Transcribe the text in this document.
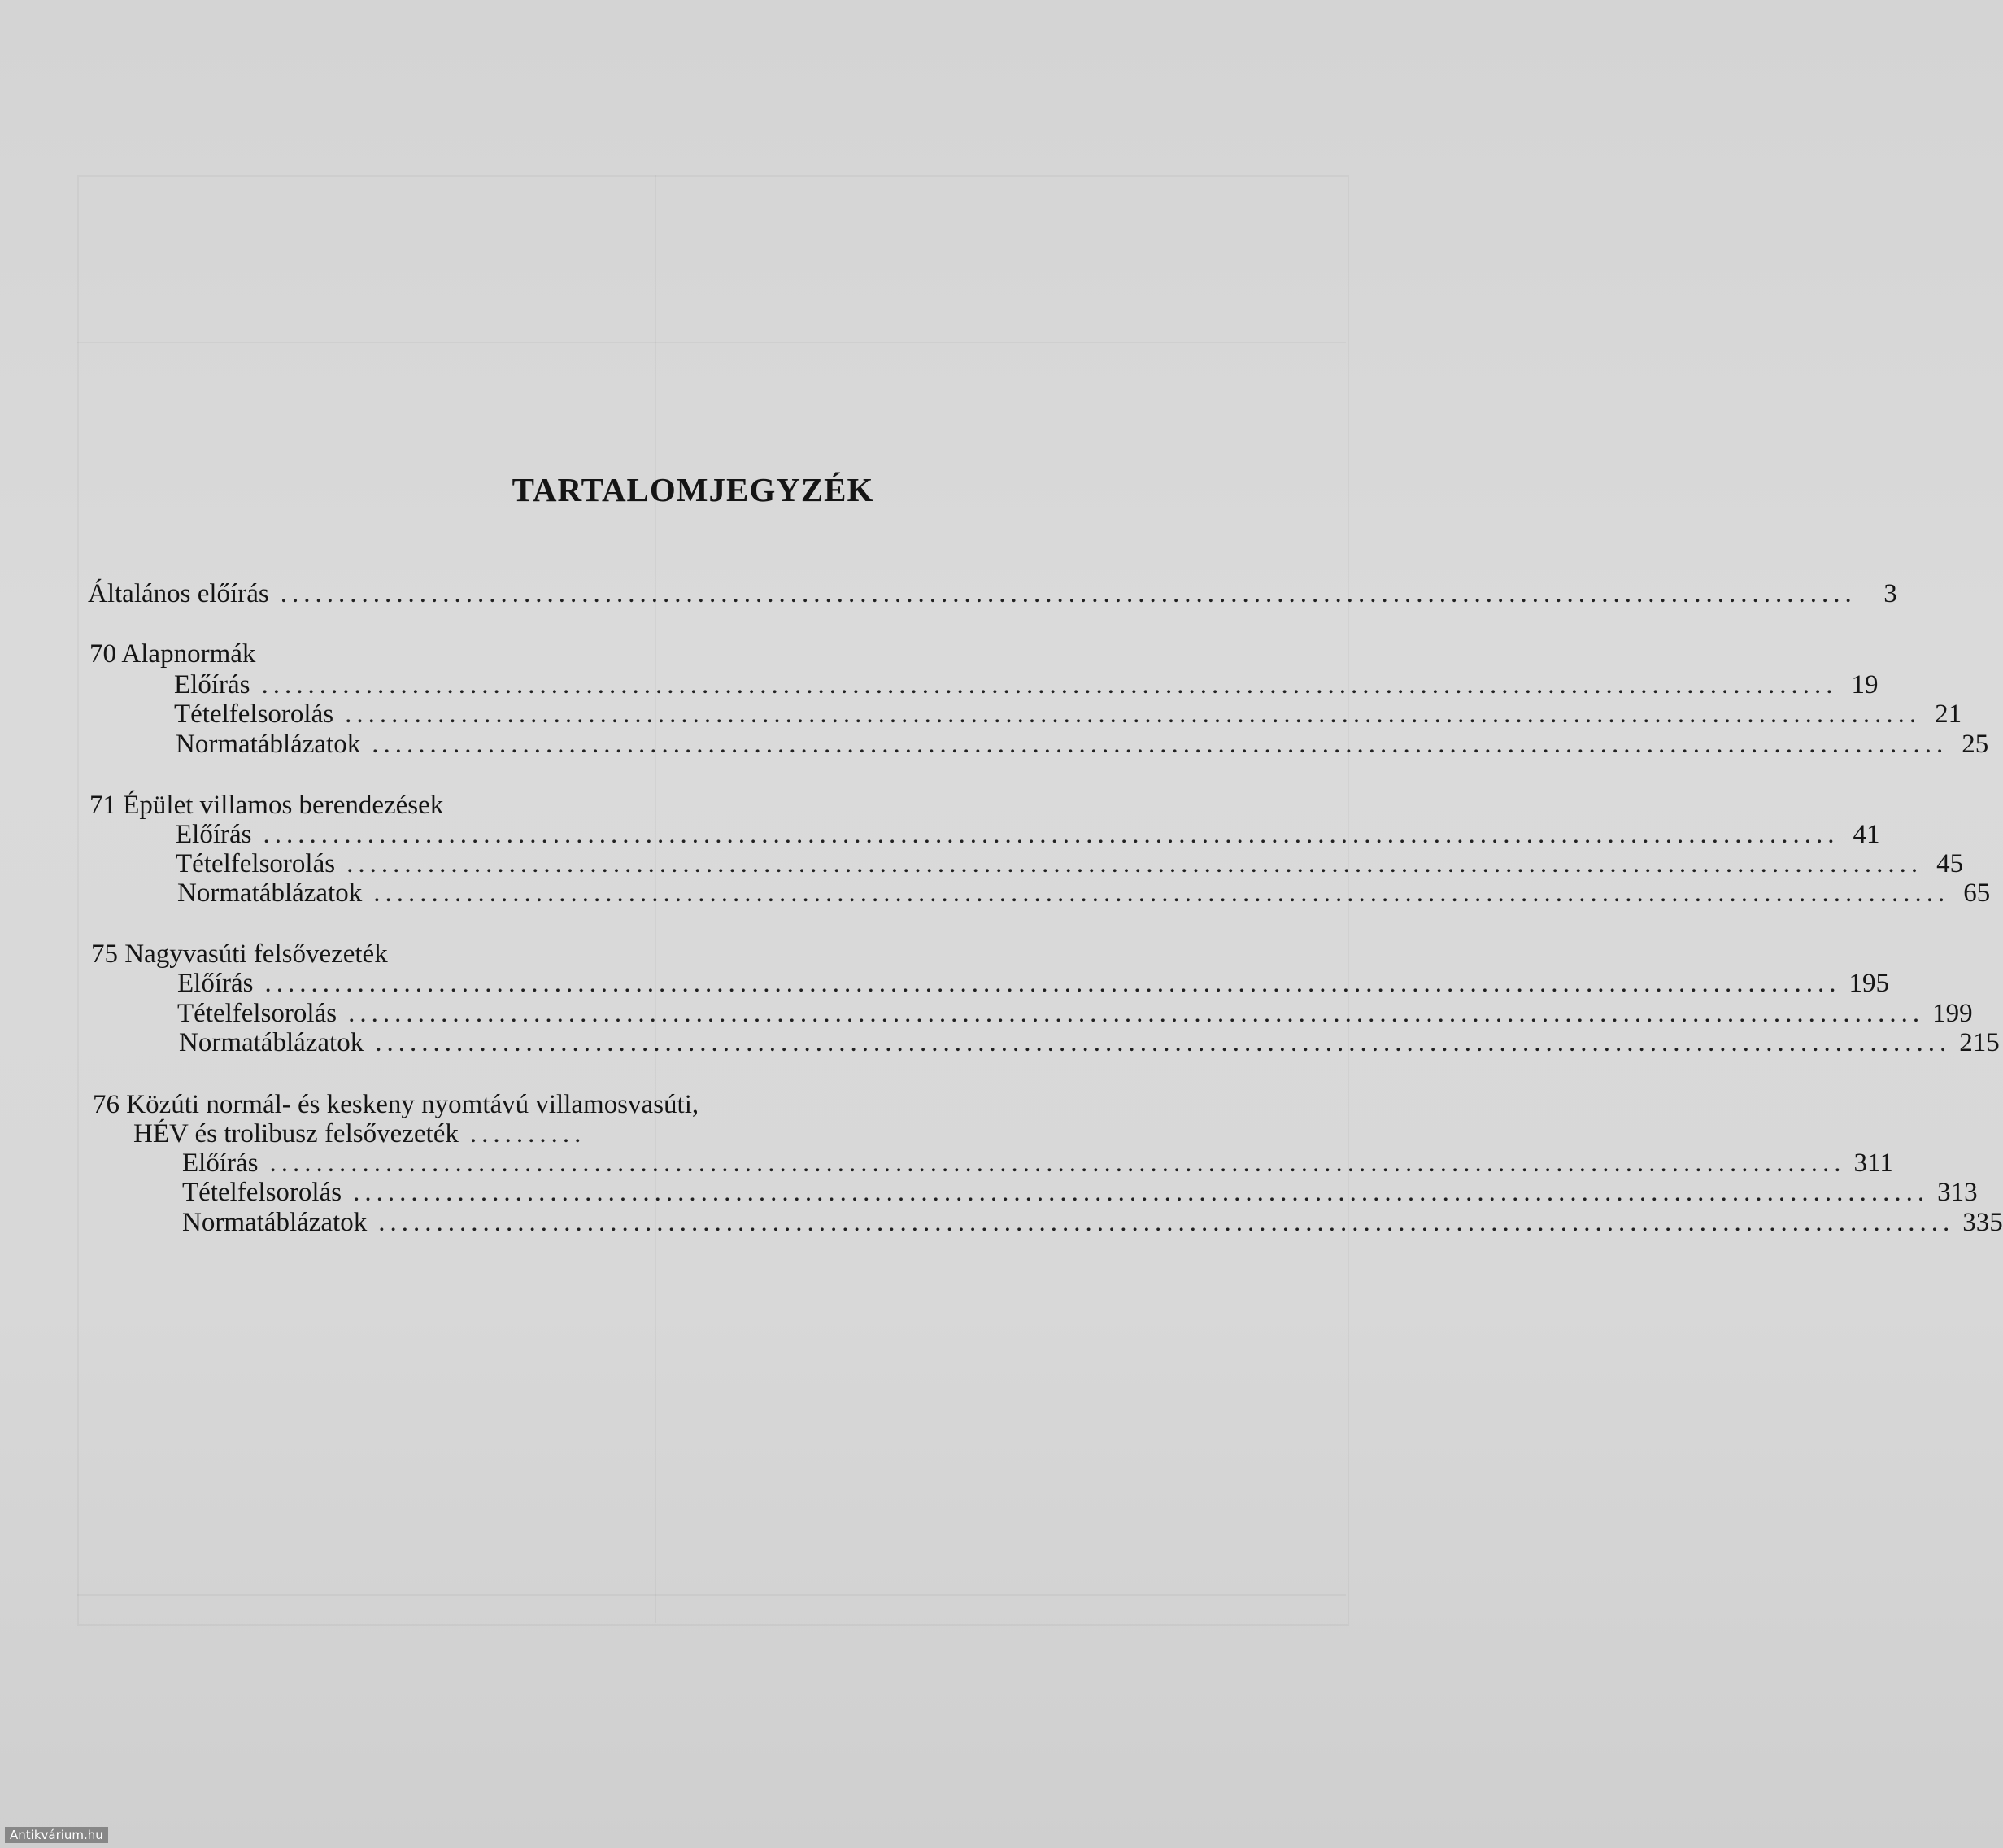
TARTALOMJEGYZÉK
Általános előírás ........................................................................................................................................	3
70 Alapnormák
Előírás ........................................................................................................................................ 19
Tételfelsorolás ........................................................................................................................................ 21
Normatáblázatok ........................................................................................................................................ 25
71 Épület villamos berendezések
Előírás ........................................................................................................................................ 41
Tételfelsorolás ........................................................................................................................................ 45
Normatáblázatok ........................................................................................................................................ 65
75 Nagyvasúti felsővezeték
Előírás ........................................................................................................................................ 195
Tételfelsorolás ........................................................................................................................................ 199
Normatáblázatok ........................................................................................................................................ 215
76 Közúti normál- és keskeny nyomtávú villamosvasúti,
HÉV és trolibusz felsővezeték ..........
Előírás ........................................................................................................................................ 311
Tételfelsorolás ........................................................................................................................................ 313
Normatáblázatok ........................................................................................................................................ 335
Antikvárium.hu
